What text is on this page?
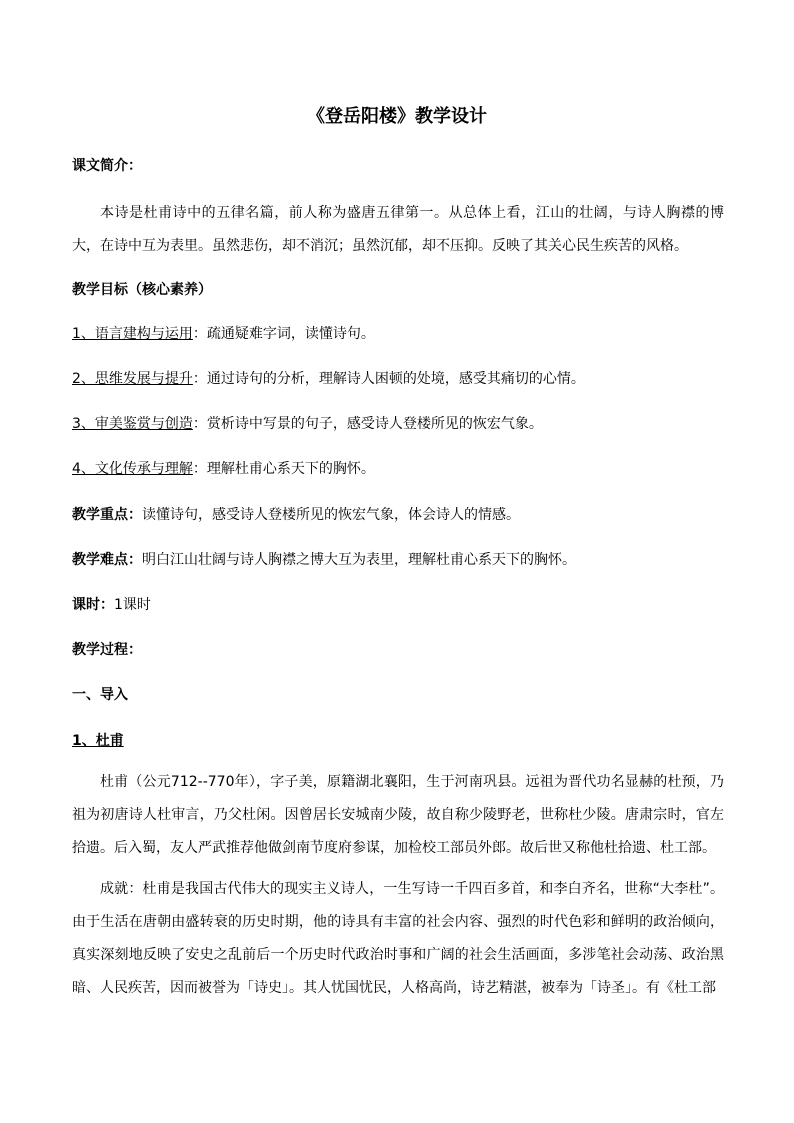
《登岳阳楼》教学设计
课文简介：
本诗是杜甫诗中的五律名篇，前人称为盛唐五律第一。从总体上看，江山的壮阔，与诗人胸襟的博大，在诗中互为表里。虽然悲伤，却不消沉；虽然沉郁，却不压抑。反映了其关心民生疾苦的风格。
教学目标（核心素养）
1、语言建构与运用：疏通疑难字词，读懂诗句。
2、思维发展与提升：通过诗句的分析，理解诗人困顿的处境，感受其痛切的心情。
3、审美鉴赏与创造：赏析诗中写景的句子，感受诗人登楼所见的恢宏气象。
4、文化传承与理解：理解杜甫心系天下的胸怀。
教学重点：读懂诗句，感受诗人登楼所见的恢宏气象，体会诗人的情感。
教学难点：明白江山壮阔与诗人胸襟之博大互为表里，理解杜甫心系天下的胸怀。
课时：1课时
教学过程：
一、导入
1、杜甫
杜甫（公元712--770年），字子美，原籍湖北襄阳，生于河南巩县。远祖为晋代功名显赫的杜预，乃祖为初唐诗人杜审言，乃父杜闲。因曾居长安城南少陵，故自称少陵野老，世称杜少陵。唐肃宗时，官左拾遗。后入蜀，友人严武推荐他做剑南节度府参谋，加检校工部员外郎。故后世又称他杜拾遗、杜工部。
成就：杜甫是我国古代伟大的现实主义诗人，一生写诗一千四百多首，和李白齐名，世称“大李杜”。由于生活在唐朝由盛转衰的历史时期，他的诗具有丰富的社会内容、强烈的时代色彩和鲜明的政治倾向，真实深刻地反映了安史之乱前后一个历史时代政治时事和广阔的社会生活画面，多涉笔社会动荡、政治黑暗、人民疾苦，因而被誉为「诗史」。其人忧国忧民，人格高尚，诗艺精湛，被奉为「诗圣」。有《杜工部
